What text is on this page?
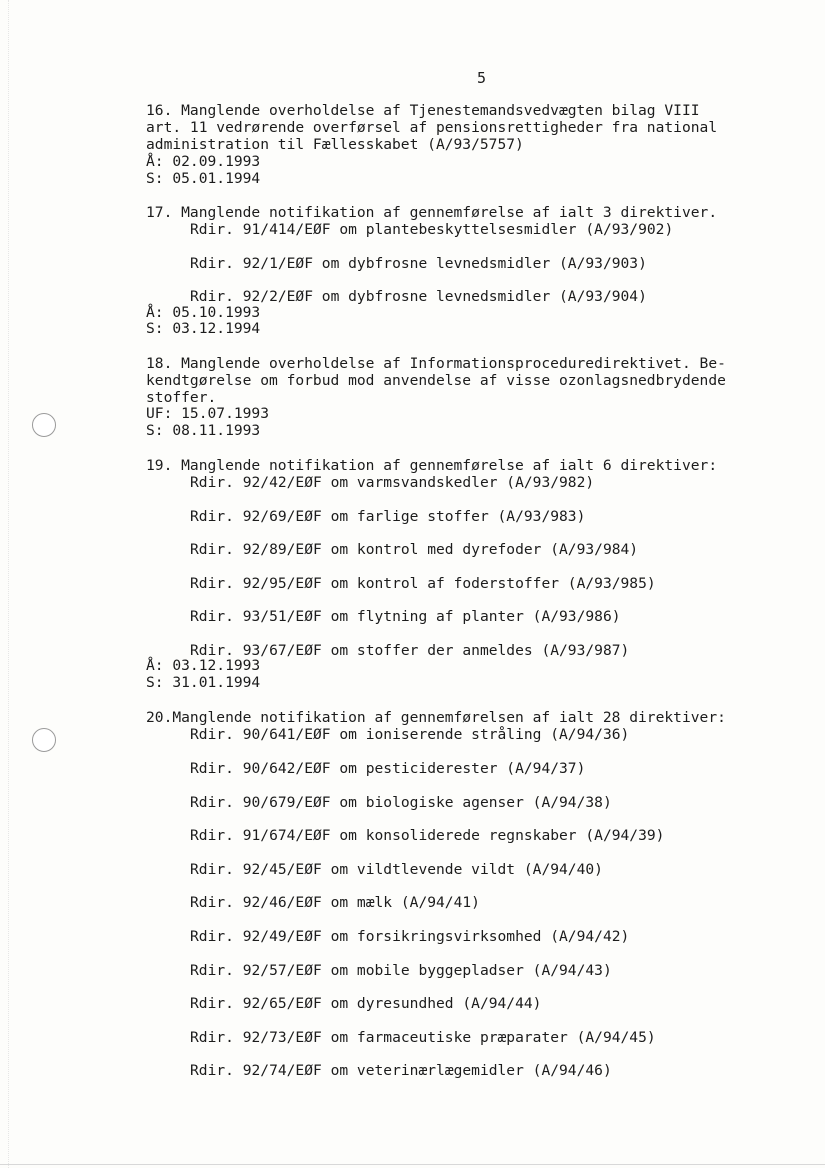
5
16. Manglende overholdelse af Tjenestemandsvedvægten bilag VIII
art. 11 vedrørende overførsel af pensionsrettigheder fra national
administration til Fællesskabet (A/93/5757)
Å: 02.09.1993
S: 05.01.1994
17. Manglende notifikation af gennemførelse af ialt 3 direktiver.
Rdir. 91/414/EØF om plantebeskyttelsesmidler (A/93/902)
Rdir. 92/1/EØF om dybfrosne levnedsmidler (A/93/903)
Rdir. 92/2/EØF om dybfrosne levnedsmidler (A/93/904)
Å: 05.10.1993
S: 03.12.1994
18. Manglende overholdelse af Informationsproceduredirektivet. Be-
kendtgørelse om forbud mod anvendelse af visse ozonlagsnedbrydende
stoffer.
UF: 15.07.1993
S: 08.11.1993
19. Manglende notifikation af gennemførelse af ialt 6 direktiver:
Rdir. 92/42/EØF om varmsvandskedler (A/93/982)
Rdir. 92/69/EØF om farlige stoffer (A/93/983)
Rdir. 92/89/EØF om kontrol med dyrefoder (A/93/984)
Rdir. 92/95/EØF om kontrol af foderstoffer (A/93/985)
Rdir. 93/51/EØF om flytning af planter (A/93/986)
Rdir. 93/67/EØF om stoffer der anmeldes (A/93/987)
Å: 03.12.1993
S: 31.01.1994
20.Manglende notifikation af gennemførelsen af ialt 28 direktiver:
Rdir. 90/641/EØF om ioniserende stråling (A/94/36)
Rdir. 90/642/EØF om pesticiderester (A/94/37)
Rdir. 90/679/EØF om biologiske agenser (A/94/38)
Rdir. 91/674/EØF om konsoliderede regnskaber (A/94/39)
Rdir. 92/45/EØF om vildtlevende vildt (A/94/40)
Rdir. 92/46/EØF om mælk (A/94/41)
Rdir. 92/49/EØF om forsikringsvirksomhed (A/94/42)
Rdir. 92/57/EØF om mobile byggepladser (A/94/43)
Rdir. 92/65/EØF om dyresundhed (A/94/44)
Rdir. 92/73/EØF om farmaceutiske præparater (A/94/45)
Rdir. 92/74/EØF om veterinærlægemidler (A/94/46)
